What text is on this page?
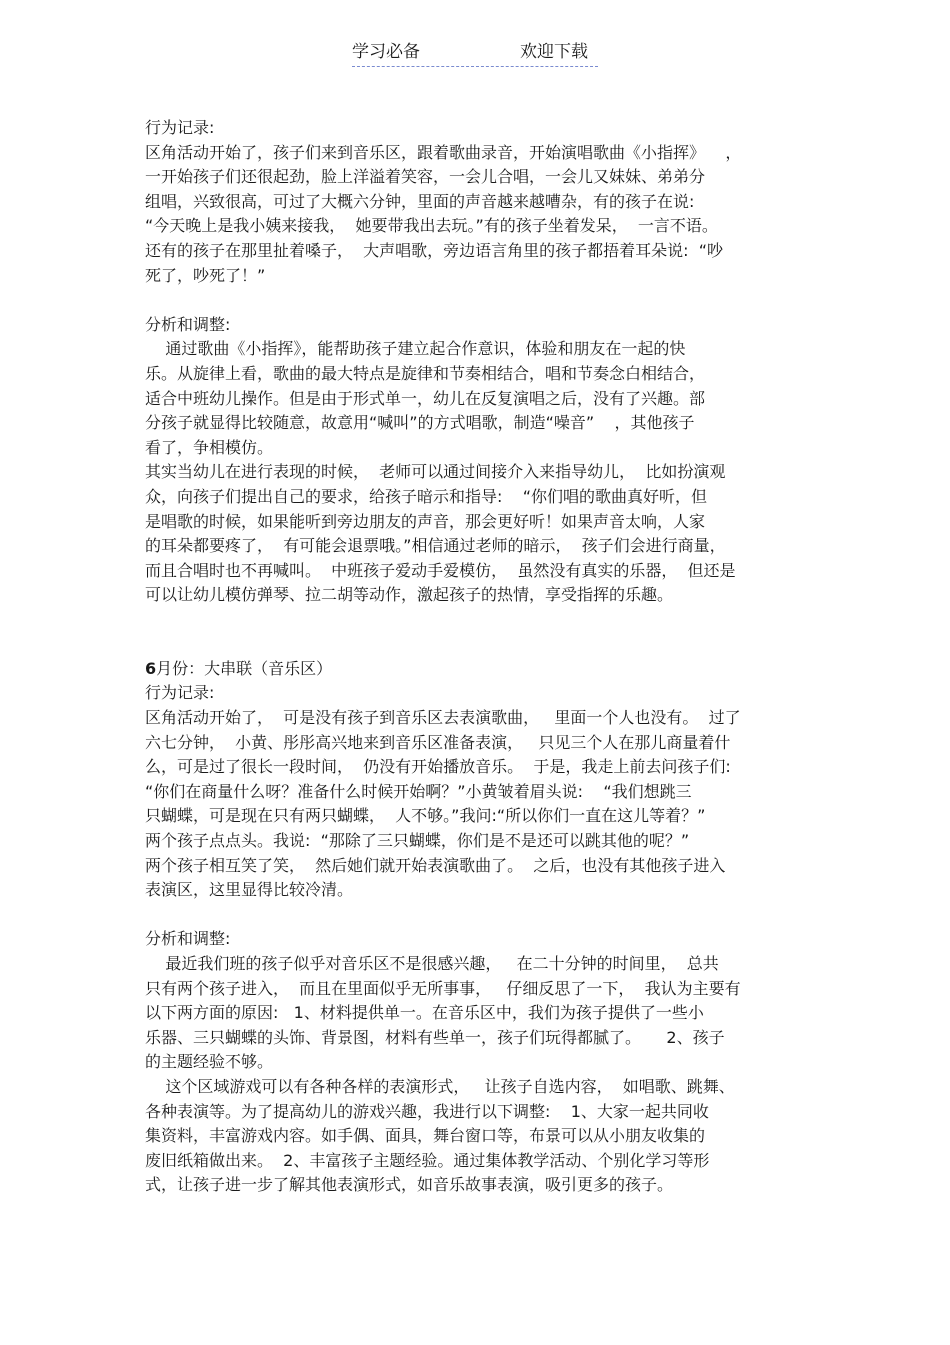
学习必备	欢迎下载

行为记录:

区角活动开始了，孩子们来到音乐区，跟着歌曲录音，开始演唱歌曲《小指挥》    ，

一开始孩子们还很起劲，脸上洋溢着笑容，一会儿合唱，一会儿又妹妹、弟弟分

组唱，兴致很高，可过了大概六分钟，里面的声音越来越嘈杂，有的孩子在说:

“今天晚上是我小姨来接我，  她要带我出去玩。”有的孩子坐着发呆，  一言不语。

还有的孩子在那里扯着嗓子，  大声唱歌，旁边语言角里的孩子都捂着耳朵说:  “吵

死了，吵死了！”

分析和调整:

通过歌曲《小指挥》，能帮助孩子建立起合作意识，体验和朋友在一起的快

乐。从旋律上看，歌曲的最大特点是旋律和节奏相结合，唱和节奏念白相结合，

适合中班幼儿操作。但是由于形式单一，幼儿在反复演唱之后，没有了兴趣。部

分孩子就显得比较随意，故意用“喊叫”的方式唱歌，制造“噪音”    ，其他孩子

看了，争相模仿。

其实当幼儿在进行表现的时候，  老师可以通过间接介入来指导幼儿，  比如扮演观

众，向孩子们提出自己的要求，给孩子暗示和指导:    “你们唱的歌曲真好听，但

是唱歌的时候，如果能听到旁边朋友的声音，那会更好听！如果声音太响，人家

的耳朵都要疼了，  有可能会退票哦。”相信通过老师的暗示，  孩子们会进行商量，

而且合唱时也不再喊叫。  中班孩子爱动手爱模仿，  虽然没有真实的乐器，  但还是

可以让幼儿模仿弹琴、拉二胡等动作，激起孩子的热情，享受指挥的乐趣。

6月份：大串联（音乐区）

行为记录:

区角活动开始了，  可是没有孩子到音乐区去表演歌曲，   里面一个人也没有。  过了

六七分钟，  小黄、彤彤高兴地来到音乐区准备表演，   只见三个人在那儿商量着什

么，可是过了很长一段时间，  仍没有开始播放音乐。  于是，我走上前去问孩子们:

“你们在商量什么呀？准备什么时候开始啊？”小黄皱着眉头说:    “我们想跳三

只蝴蝶，可是现在只有两只蝴蝶，  人不够。”我问:“所以你们一直在这儿等着？”

两个孩子点点头。我说:  “那除了三只蝴蝶，你们是不是还可以跳其他的呢？”

两个孩子相互笑了笑，  然后她们就开始表演歌曲了。  之后，也没有其他孩子进入

表演区，这里显得比较冷清。

分析和调整:

最近我们班的孩子似乎对音乐区不是很感兴趣，   在二十分钟的时间里，  总共

只有两个孩子进入，  而且在里面似乎无所事事，   仔细反思了一下，  我认为主要有

以下两方面的原因:   1、材料提供单一。在音乐区中，我们为孩子提供了一些小

乐器、三只蝴蝶的头饰、背景图，材料有些单一，孩子们玩得都腻了。     2、孩子

的主题经验不够。

这个区域游戏可以有各种各样的表演形式，   让孩子自选内容，  如唱歌、跳舞、

各种表演等。为了提高幼儿的游戏兴趣，我进行以下调整:    1、大家一起共同收

集资料，丰富游戏内容。如手偶、面具，舞台窗口等，布景可以从小朋友收集的

废旧纸箱做出来。  2、丰富孩子主题经验。通过集体教学活动、个别化学习等形

式，让孩子进一步了解其他表演形式，如音乐故事表演，吸引更多的孩子。
